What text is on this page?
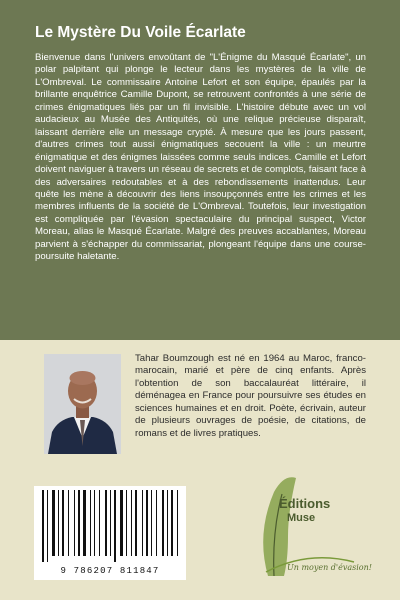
Le Mystère Du Voile Écarlate
Bienvenue dans l'univers envoûtant de "L'Énigme du Masqué Écarlate", un polar palpitant qui plonge le lecteur dans les mystères de la ville de L'Ombreval. Le commissaire Antoine Lefort et son équipe, épaulés par la brillante enquêtrice Camille Dupont, se retrouvent confrontés à une série de crimes énigmatiques liés par un fil invisible. L'histoire débute avec un vol audacieux au Musée des Antiquités, où une relique précieuse disparaît, laissant derrière elle un message crypté. À mesure que les jours passent, d'autres crimes tout aussi énigmatiques secouent la ville : un meurtre énigmatique et des énigmes laissées comme seuls indices. Camille et Lefort doivent naviguer à travers un réseau de secrets et de complots, faisant face à des adversaires redoutables et à des rebondissements inattendus. Leur quête les mène à découvrir des liens insoupçonnés entre les crimes et les membres influents de la société de L'Ombreval. Toutefois, leur investigation est compliquée par l'évasion spectaculaire du principal suspect, Victor Moreau, alias le Masqué Écarlate. Malgré des preuves accablantes, Moreau parvient à s'échapper du commissariat, plongeant l'équipe dans une course-poursuite haletante.
Tahar Boumzough est né en 1964 au Maroc, franco-marocain, marié et père de cinq enfants. Après l'obtention de son baccalauréat littéraire, il déménagea en France pour poursuivre ses études en sciences humaines et en droit. Poète, écrivain, auteur de plusieurs ouvrages de poésie, de citations, de romans et de livres pratiques.
9 786207 811847
Éditions
Muse
Un moyen d'évasion!
